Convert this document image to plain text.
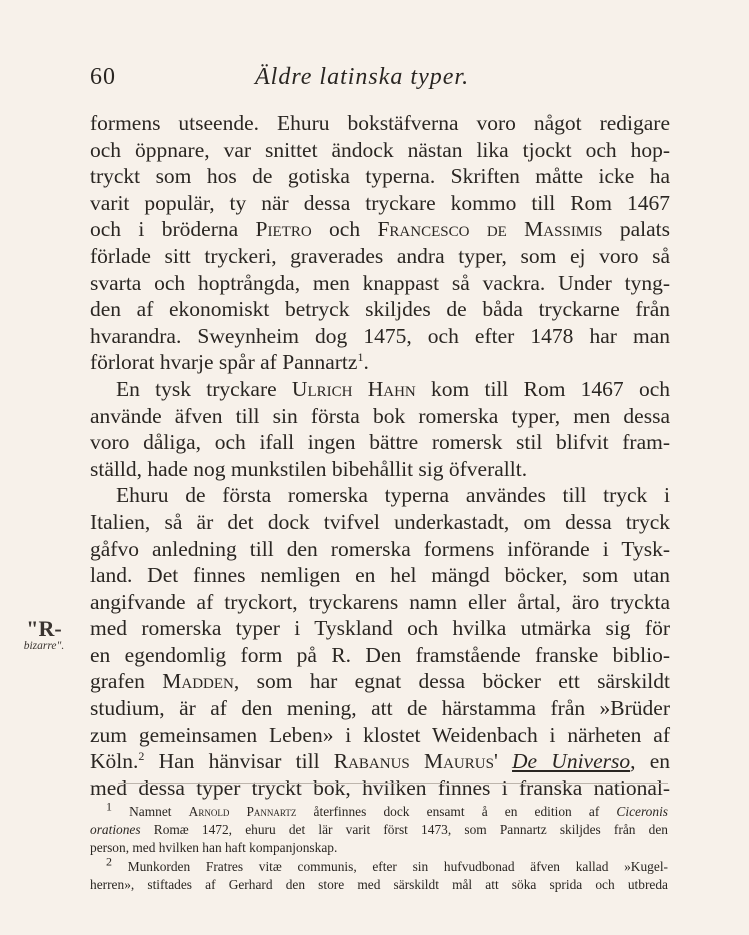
60	Äldre latinska typer.
"R-
bizarre".
formens utseende. Ehuru bokstäfverna voro något redigare
och öppnare, var snittet ändock nästan lika tjockt och hop-
tryckt som hos de gotiska typerna. Skriften måtte icke ha
varit populär, ty när dessa tryckare kommo till Rom 1467
och i bröderna Pietro och Francesco de Massimis palats
förlade sitt tryckeri, graverades andra typer, som ej voro så
svarta och hoptrångda, men knappast så vackra. Under tyng-
den af ekonomiskt betryck skiljdes de båda tryckarne från
hvarandra. Sweynheim dog 1475, och efter 1478 har man
förlorat hvarje spår af Pannartz$^1$.
En tysk tryckare Ulrich Hahn kom till Rom 1467 och
använde äfven till sin första bok romerska typer, men dessa
voro dåliga, och ifall ingen bättre romersk stil blifvit fram-
ställd, hade nog munkstilen bibehållit sig öfverallt.
Ehuru de första romerska typerna användes till tryck i
Italien, så är det dock tvifvel underkastadt, om dessa tryck
gåfvo anledning till den romerska formens införande i Tysk-
land. Det finnes nemligen en hel mängd böcker, som utan
angifvande af tryckort, tryckarens namn eller årtal, äro tryckta
med romerska typer i Tyskland och hvilka utmärka sig för
en egendomlig form på R. Den framstående franske biblio-
grafen Madden, som har egnat dessa böcker ett särskildt
studium, är af den mening, att de härstamma från »Brüder
zum gemeinsamen Leben» i klostet Weidenbach i närheten af
Köln.$^2$ Han hänvisar till Rabanus Maurus' De Universo, en
med dessa typer tryckt bok, hvilken finnes i franska national-
$^1$ Namnet Arnold Pannartz återfinnes dock ensamt å en edition af Ciceronis
orationes Romæ 1472, ehuru det lär varit först 1473, som Pannartz skiljdes från den
person, med hvilken han haft kompanjonskap.
$^2$ Munkorden Fratres vitæ communis, efter sin hufvudbonad äfven kallad »Kugel-
herren», stiftades af Gerhard den store med särskildt mål att söka sprida och utbreda
